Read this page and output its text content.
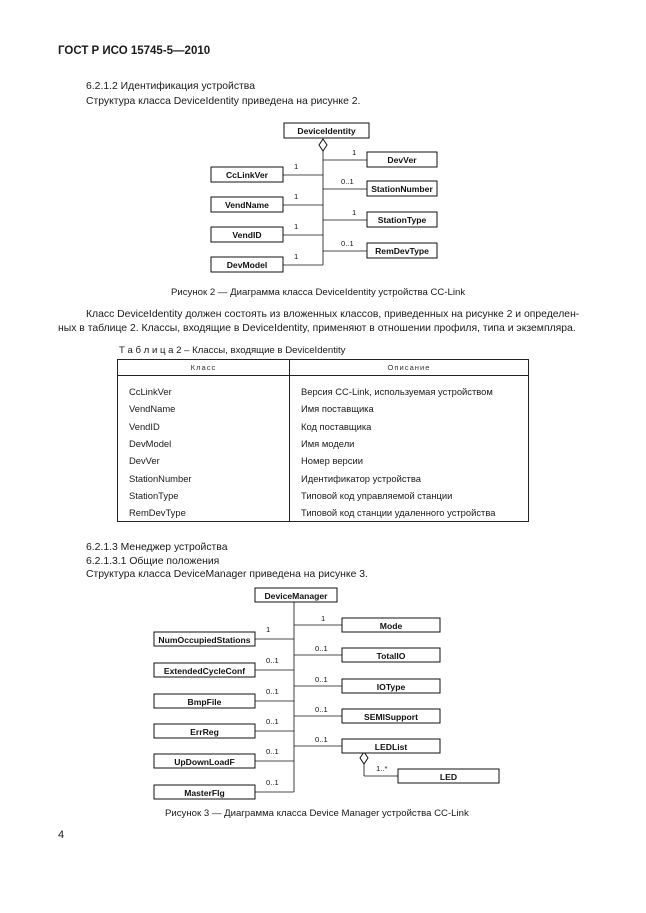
ГОСТ Р ИСО 15745-5—2010
6.2.1.2 Идентификация устройства
Структура класса DeviceIdentity приведена на рисунке 2.
DeviceIdentity
CcLinkVer
1
VendName
1
VendID
1
DevModel
1
DevVer
1
StationNumber
0..1
StationType
1
RemDevType
0..1
DeviceManager
NumOccupiedStations
1
ExtendedCycleConf
0..1
BmpFile
0..1
ErrReg
0..1
UpDownLoadF
0..1
MasterFlg
0..1
Mode
1
TotalIO
0..1
IOType
0..1
SEMISupport
0..1
LEDList
0..1
LED
1..*
Рисунок 2 — Диаграмма класса DeviceIdentity устройства CC-Link
Класс DeviceIdentity должен состоять из вложенных классов, приведенных на рисунке 2 и определен-
ных в таблице 2. Классы, входящие в DeviceIdentity, применяют в отношении профиля, типа и экземпляра.
Т а б л и ц а 2 – Классы, входящие в DeviceIdentity
Класс	Описание
CcLinkVer	Версия CC-Link, используемая устройством
VendName	Имя поставщика
VendID	Код поставщика
DevModel	Имя модели
DevVer	Номер версии
StationNumber	Идентификатор устройства
StationType	Типовой код управляемой станции
RemDevType	Типовой код станции удаленного устройства
6.2.1.3 Менеджер устройства
6.2.1.3.1 Общие положения
Структура класса DeviceManager приведена на рисунке 3.
Рисунок 3 — Диаграмма класса Device Manager устройства CC-Link
4
